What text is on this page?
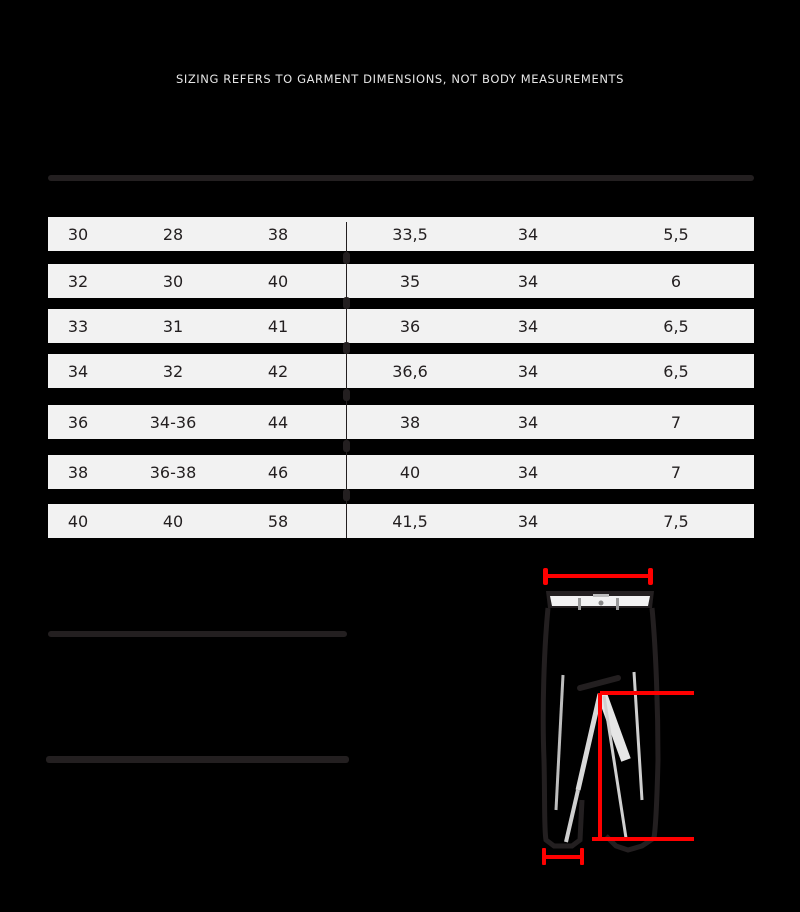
SIZING REFERS TO GARMENT DIMENSIONS, NOT BODY MEASUREMENTS
30	28	38	33,5	34	5,5
32	30	40	35	34	6
33	31	41	36	34	6,5
34	32	42	36,6	34	6,5
36	34-36	44	38	34	7
38	36-38	46	40	34	7
40	40	58	41,5	34	7,5
